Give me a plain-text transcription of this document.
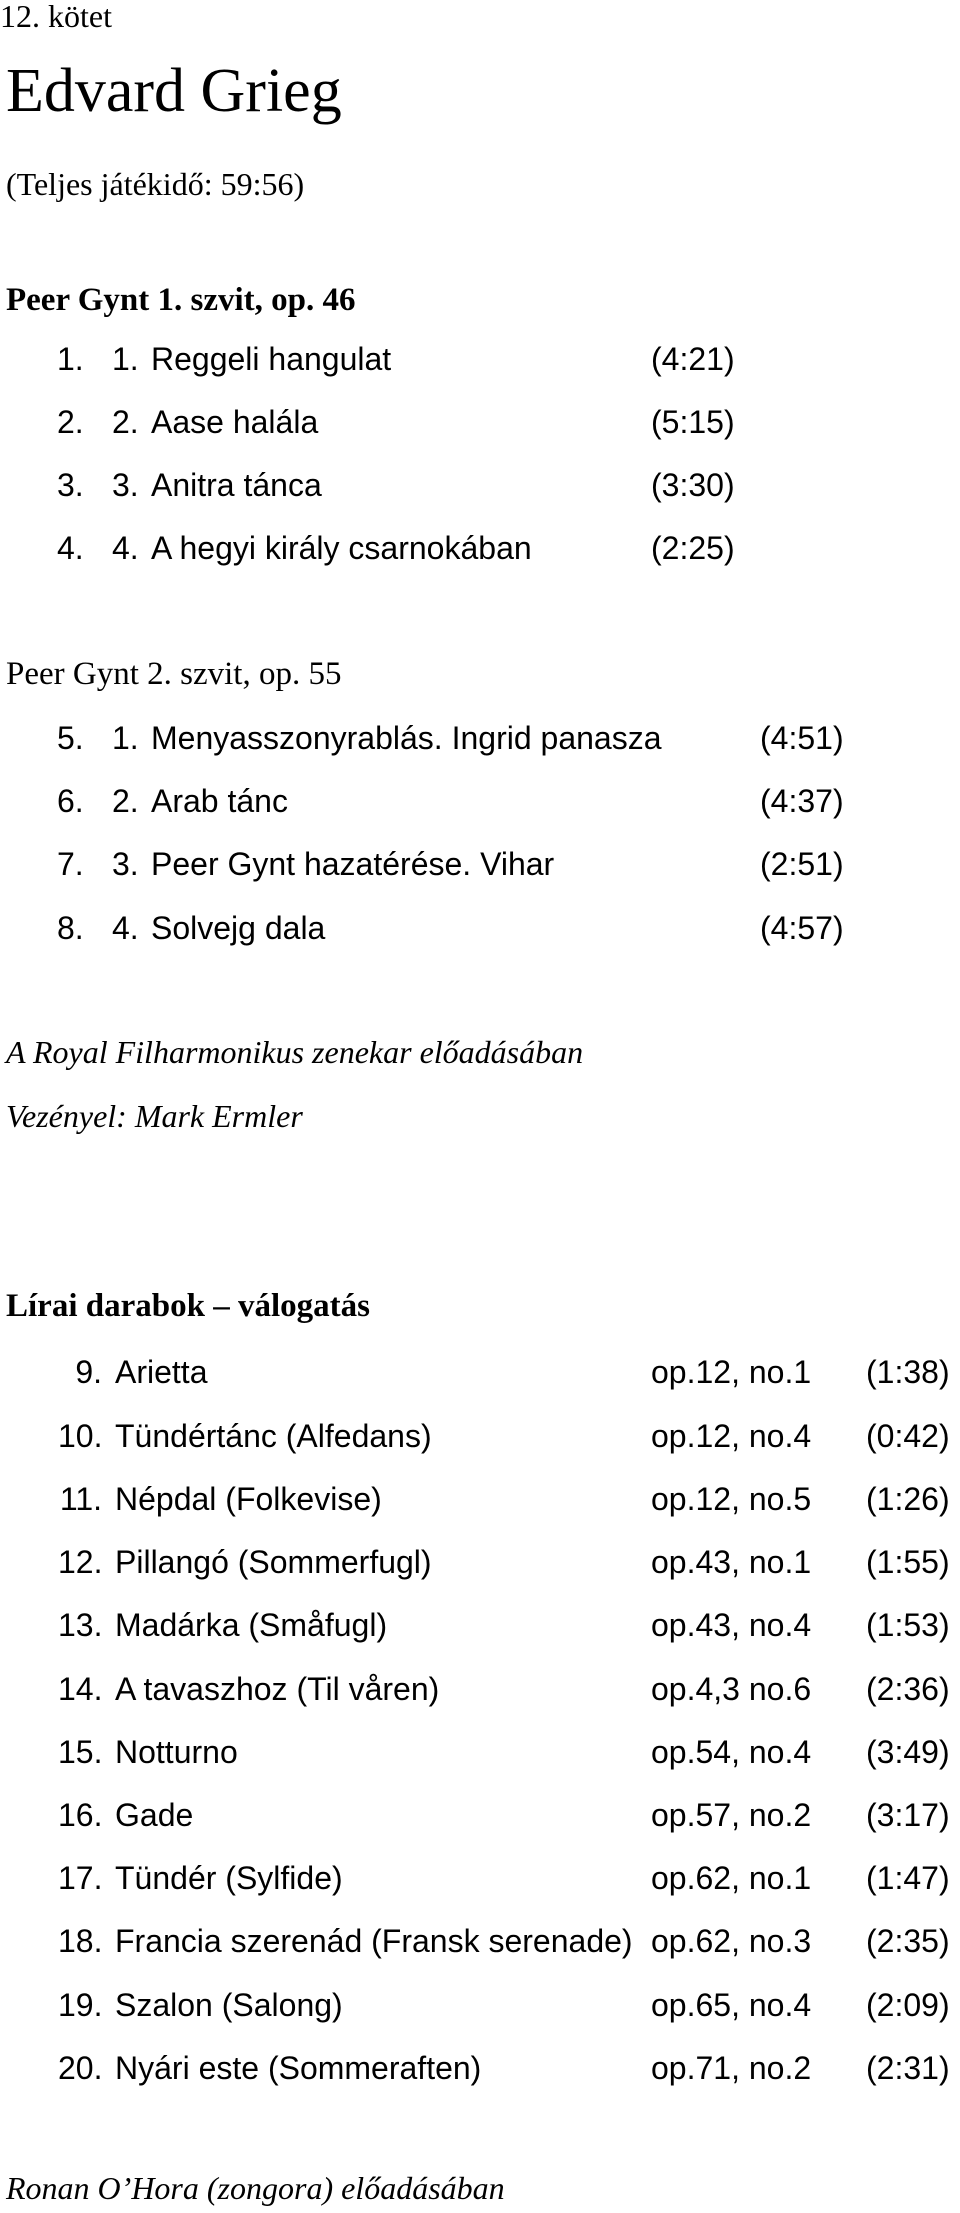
12. kötet
Edvard Grieg
(Teljes játékidő: 59:56)
Peer Gynt 1. szvit, op. 46
1. 1. Reggeli hangulat	(4:21)
2. 2. Aase halála	(5:15)
3. 3. Anitra tánca	(3:30)
4. 4. A hegyi király csarnokában	(2:25)
Peer Gynt 2. szvit, op. 55
5. 1. Menyasszonyrablás. Ingrid panasza	(4:51)
6. 2. Arab tánc	(4:37)
7. 3. Peer Gynt hazatérése. Vihar	(2:51)
8. 4. Solvejg dala	(4:57)
A Royal Filharmonikus zenekar előadásában
Vezényel: Mark Ermler
Lírai darabok – válogatás
9. Arietta	op.12, no.1 (1:38)
10. Tündértánc (Alfedans)	op.12, no.4 (0:42)
11. Népdal (Folkevise)	op.12, no.5 (1:26)
12. Pillangó (Sommerfugl)	op.43, no.1 (1:55)
13. Madárka (Småfugl)	op.43, no.4 (1:53)
14. A tavaszhoz (Til våren)	op.4,3 no.6 (2:36)
15. Notturno	op.54, no.4 (3:49)
16. Gade	op.57, no.2 (3:17)
17. Tündér (Sylfide)	op.62, no.1 (1:47)
18. Francia szerenád (Fransk serenade) op.62, no.3 (2:35)
19. Szalon (Salong)	op.65, no.4 (2:09)
20. Nyári este (Sommeraften)	op.71, no.2 (2:31)
Ronan O’Hora (zongora) előadásában
